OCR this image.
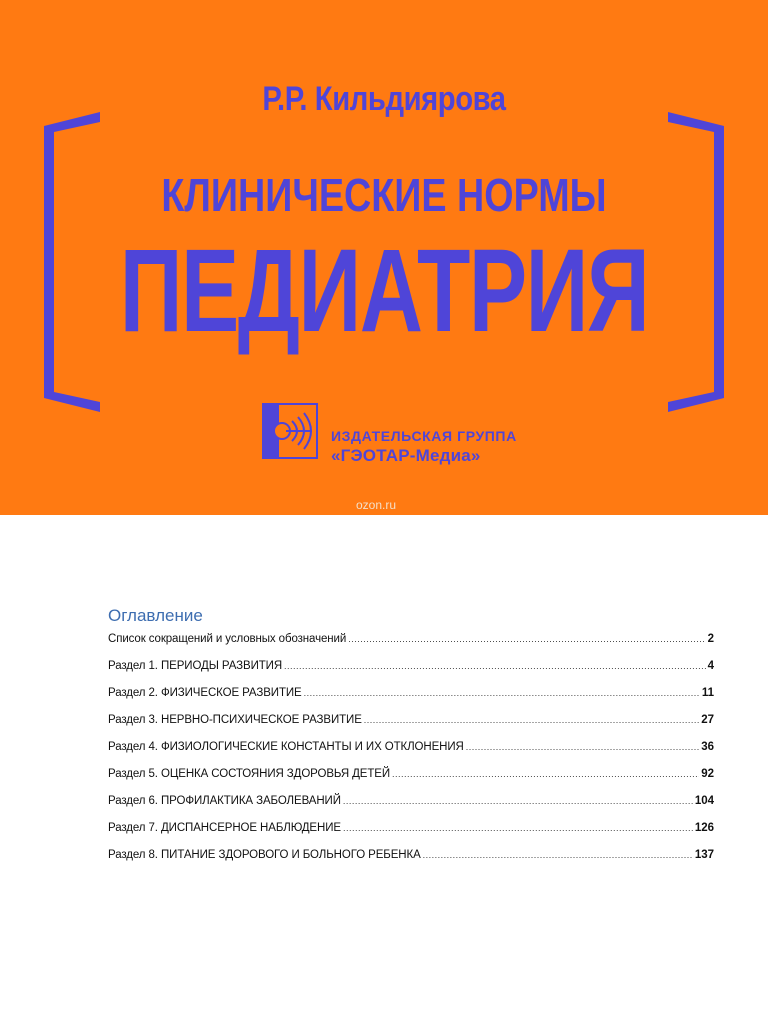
Р.Р. Кильдиярова
КЛИНИЧЕСКИЕ НОРМЫ
ПЕДИАТРИЯ
ИЗДАТЕЛЬСКАЯ ГРУППА
«ГЭОТАР-Медиа»
ozon.ru
Оглавление
Список сокращений и условных обозначений .....	2
Раздел 1. ПЕРИОДЫ РАЗВИТИЯ .....	4
Раздел 2. ФИЗИЧЕСКОЕ РАЗВИТИЕ .....	11
Раздел 3. НЕРВНО-ПСИХИЧЕСКОЕ РАЗВИТИЕ .....	27
Раздел 4. ФИЗИОЛОГИЧЕСКИЕ КОНСТАНТЫ И ИХ ОТКЛОНЕНИЯ .....	36
Раздел 5. ОЦЕНКА СОСТОЯНИЯ ЗДОРОВЬЯ ДЕТЕЙ .....	92
Раздел 6. ПРОФИЛАКТИКА ЗАБОЛЕВАНИЙ .....	104
Раздел 7. ДИСПАНСЕРНОЕ НАБЛЮДЕНИЕ .....	126
Раздел 8. ПИТАНИЕ ЗДОРОВОГО И БОЛЬНОГО РЕБЕНКА .....	137
